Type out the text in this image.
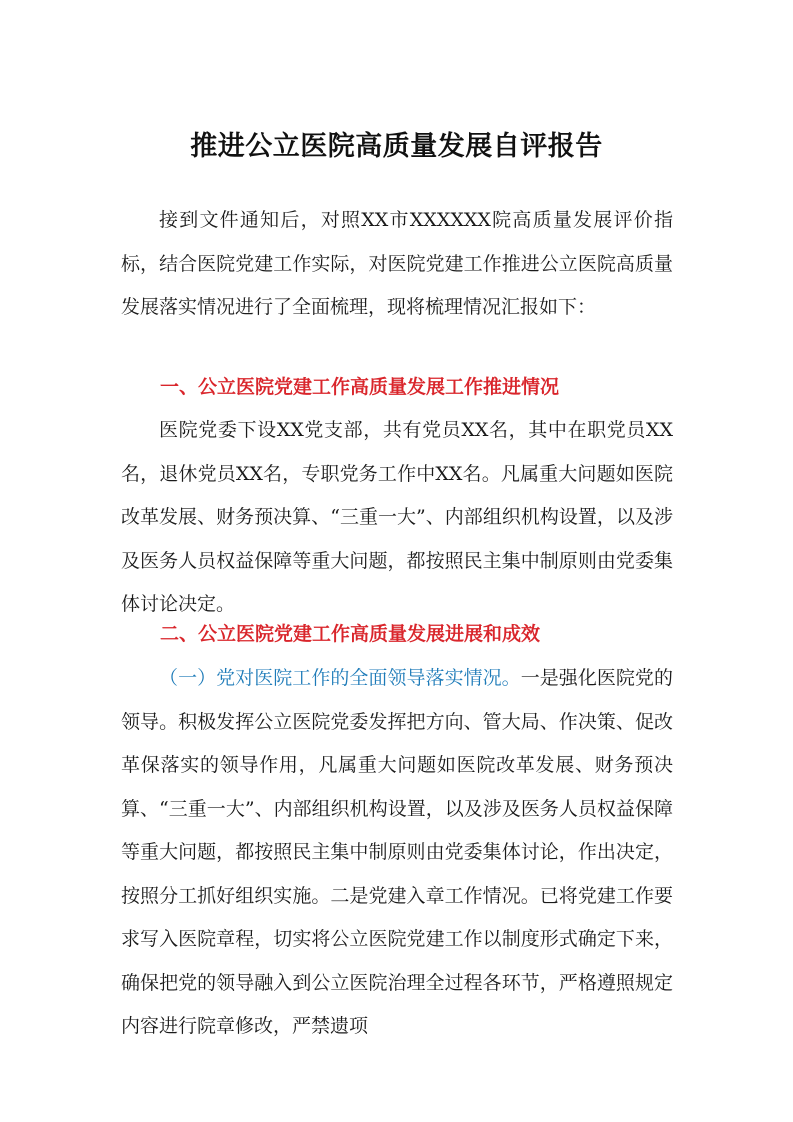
推进公立医院高质量发展自评报告

接到文件通知后，对照XX市XXXXXX院高质量发展评价指标，结合医院党建工作实际，对医院党建工作推进公立医院高质量发展落实情况进行了全面梳理，现将梳理情况汇报如下：

一、公立医院党建工作高质量发展工作推进情况

医院党委下设XX党支部，共有党员XX名，其中在职党员XX名，退休党员XX名，专职党务工作中XX名。凡属重大问题如医院改革发展、财务预决算、“三重一大”、内部组织机构设置，以及涉及医务人员权益保障等重大问题，都按照民主集中制原则由党委集体讨论决定。

二、公立医院党建工作高质量发展进展和成效

（一）党对医院工作的全面领导落实情况。一是强化医院党的领导。积极发挥公立医院党委发挥把方向、管大局、作决策、促改革保落实的领导作用，凡属重大问题如医院改革发展、财务预决算、“三重一大”、内部组织机构设置，以及涉及医务人员权益保障等重大问题，都按照民主集中制原则由党委集体讨论，作出决定，按照分工抓好组织实施。二是党建入章工作情况。已将党建工作要求写入医院章程，切实将公立医院党建工作以制度形式确定下来，确保把党的领导融入到公立医院治理全过程各环节，严格遵照规定内容进行院章修改，严禁遗项
